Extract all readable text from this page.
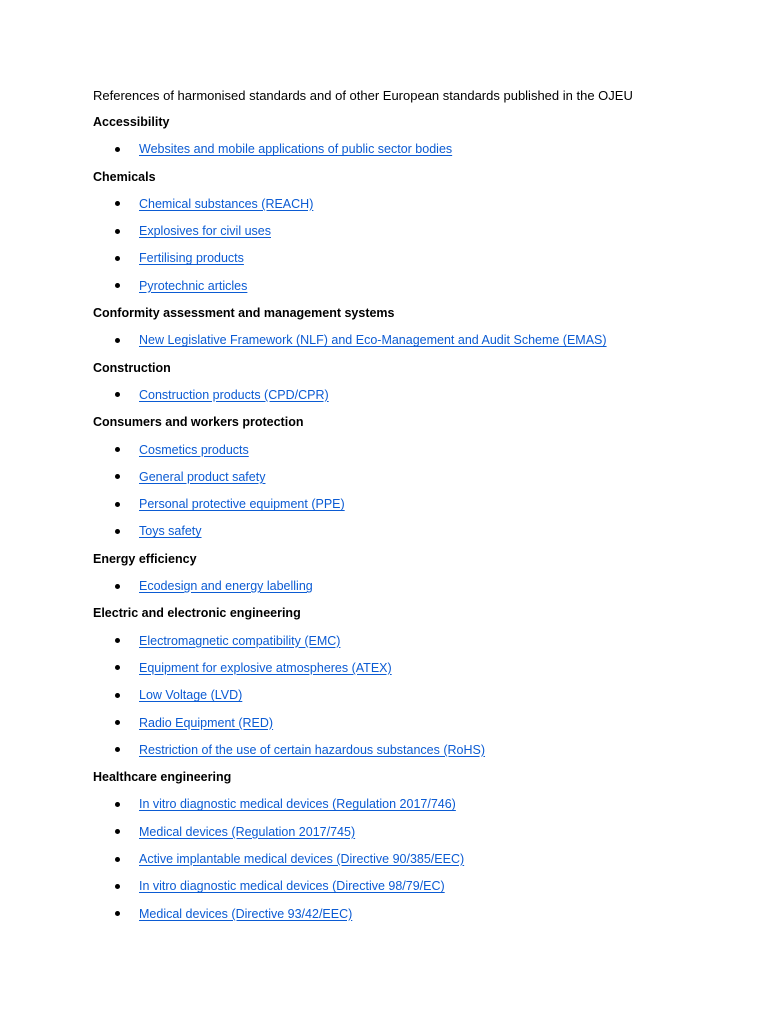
References of harmonised standards and of other European standards published in the OJEU
Accessibility
Websites and mobile applications of public sector bodies
Chemicals
Chemical substances (REACH)
Explosives for civil uses
Fertilising products
Pyrotechnic articles
Conformity assessment and management systems
New Legislative Framework (NLF) and Eco-Management and Audit Scheme (EMAS)
Construction
Construction products (CPD/CPR)
Consumers and workers protection
Cosmetics products
General product safety
Personal protective equipment (PPE)
Toys safety
Energy efficiency
Ecodesign and energy labelling
Electric and electronic engineering
Electromagnetic compatibility (EMC)
Equipment for explosive atmospheres (ATEX)
Low Voltage (LVD)
Radio Equipment (RED)
Restriction of the use of certain hazardous substances (RoHS)
Healthcare engineering
In vitro diagnostic medical devices (Regulation 2017/746)
Medical devices (Regulation 2017/745)
Active implantable medical devices (Directive 90/385/EEC)
In vitro diagnostic medical devices (Directive 98/79/EC)
Medical devices (Directive 93/42/EEC)
